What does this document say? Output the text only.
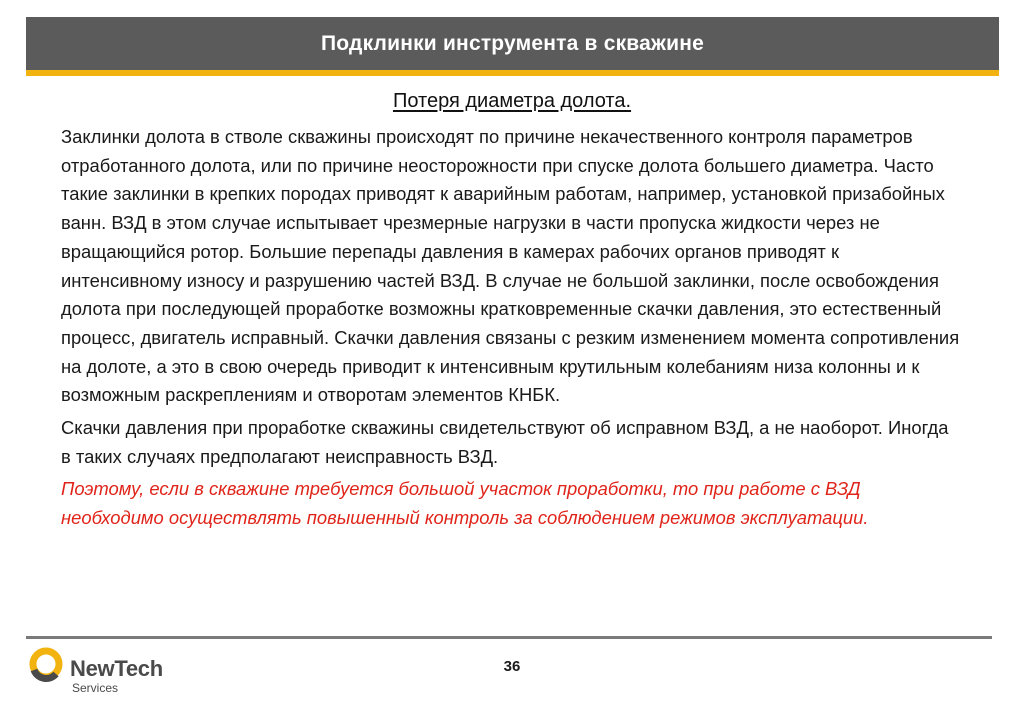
Подклинки инструмента в скважине
Потеря диаметра долота.

Заклинки долота в стволе скважины происходят по причине некачественного контроля параметров отработанного долота, или по причине неосторожности при спуске долота большего диаметра. Часто такие заклинки в крепких породах приводят к аварийным работам, например, установкой призабойных ванн. ВЗД в этом случае испытывает чрезмерные нагрузки в части пропуска жидкости через не вращающийся ротор. Большие перепады давления в камерах рабочих органов приводят к интенсивному износу и разрушению частей ВЗД. В случае не большой заклинки, после освобождения долота при последующей проработке возможны кратковременные скачки давления, это естественный процесс, двигатель исправный. Скачки давления связаны с резким изменением момента сопротивления на долоте, а это в свою очередь приводит к интенсивным крутильным колебаниям низа колонны и к возможным раскреплениям и отворотам элементов КНБК.

Скачки давления при проработке скважины свидетельствуют об исправном ВЗД, а не наоборот. Иногда в таких случаях предполагают неисправность ВЗД.

Поэтому, если в скважине требуется большой участок проработки, то при работе с ВЗД необходимо осуществлять повышенный контроль за соблюдением режимов эксплуатации.

36
NewTech
Services
